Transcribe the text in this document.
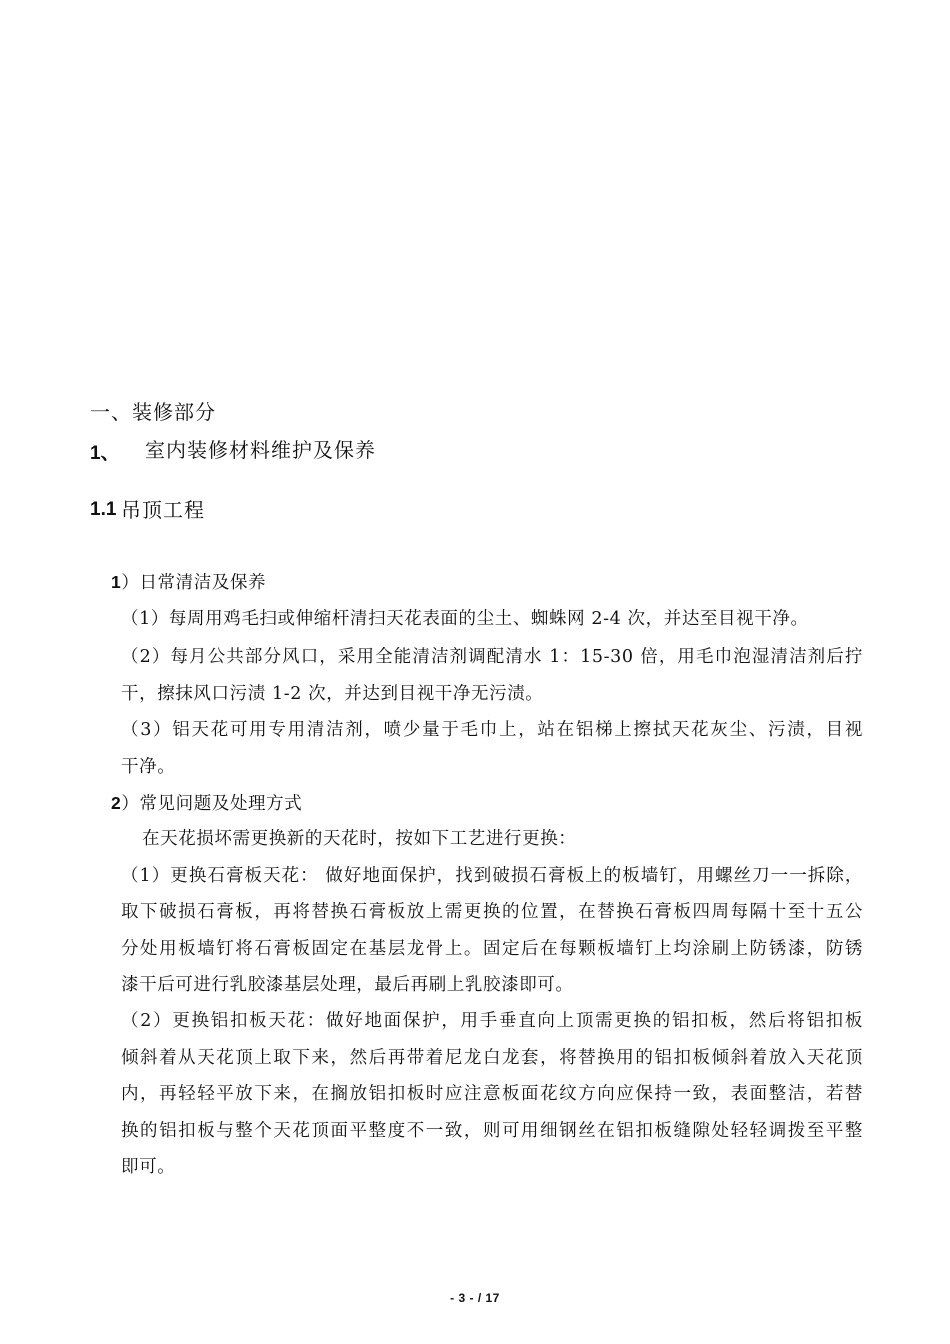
一、装修部分
1、 室内装修材料维护及保养
1.1 吊顶工程
1）日常清洁及保养
（1）每周用鸡毛扫或伸缩杆清扫天花表面的尘土、蜘蛛网 2-4 次，并达至目视干净。
（2）每月公共部分风口，采用全能清洁剂调配清水 1：15-30 倍，用毛巾泡湿清洁剂后拧
干，擦抹风口污渍 1-2 次，并达到目视干净无污渍。
（3）铝天花可用专用清洁剂，喷少量于毛巾上，站在铝梯上擦拭天花灰尘、污渍，目视
干净。
2）常见问题及处理方式
在天花损坏需更换新的天花时，按如下工艺进行更换：
（1）更换石膏板天花： 做好地面保护，找到破损石膏板上的板墙钉，用螺丝刀一一拆除，
取下破损石膏板，再将替换石膏板放上需更换的位置，在替换石膏板四周每隔十至十五公
分处用板墙钉将石膏板固定在基层龙骨上。固定后在每颗板墙钉上均涂刷上防锈漆，防锈
漆干后可进行乳胶漆基层处理，最后再刷上乳胶漆即可。
（2）更换铝扣板天花：做好地面保护，用手垂直向上顶需更换的铝扣板，然后将铝扣板
倾斜着从天花顶上取下来，然后再带着尼龙白龙套，将替换用的铝扣板倾斜着放入天花顶
内，再轻轻平放下来，在搁放铝扣板时应注意板面花纹方向应保持一致，表面整洁，若替
换的铝扣板与整个天花顶面平整度不一致，则可用细钢丝在铝扣板缝隙处轻轻调拨至平整
即可。
- 3 - / 17
